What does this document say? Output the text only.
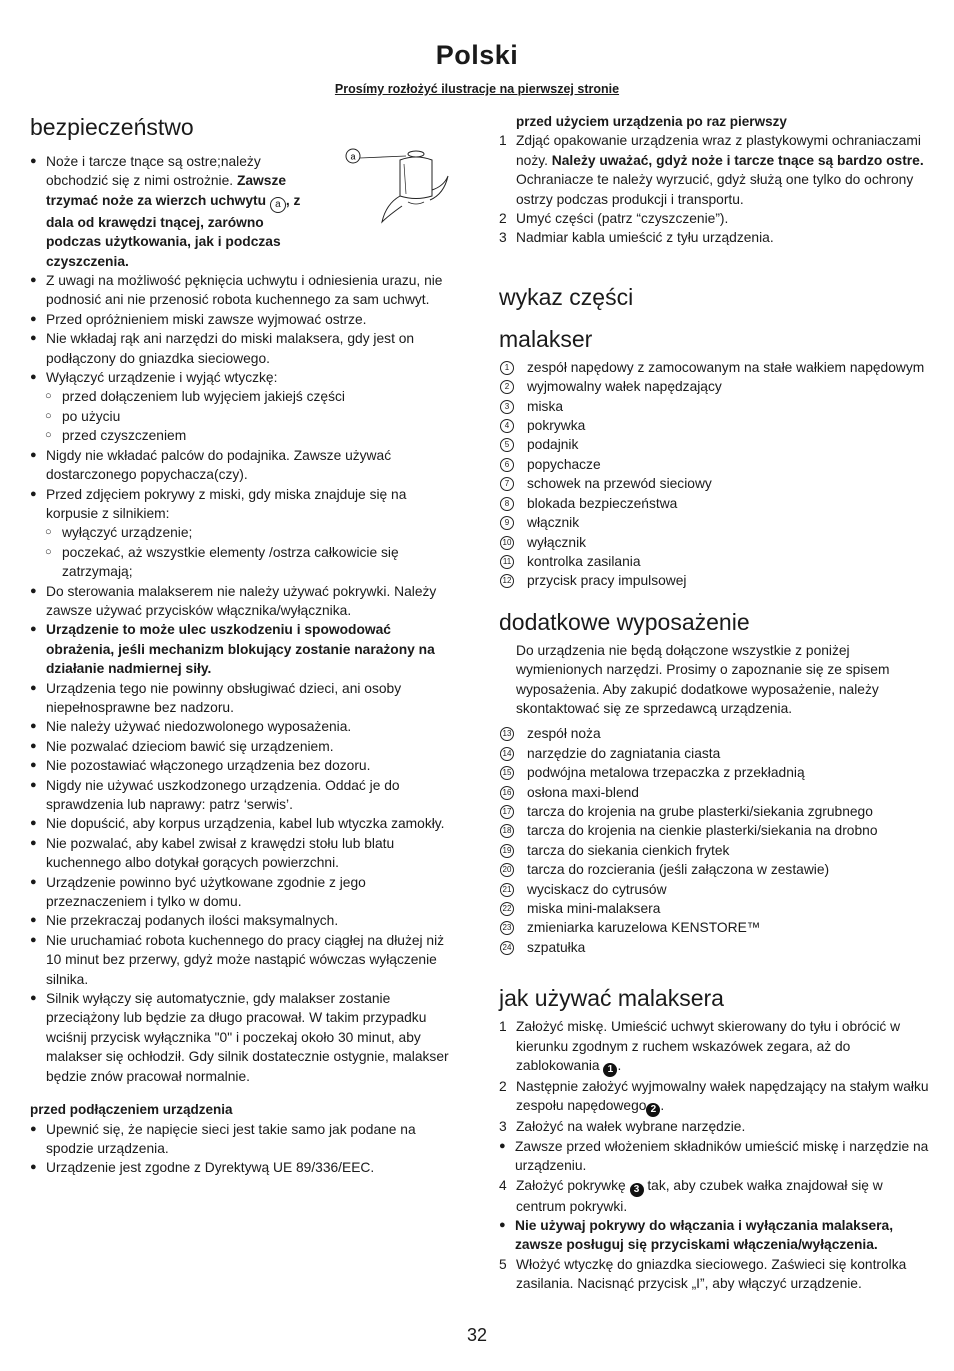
Polski

Prosímy rozłożyć ilustracje na pierwszej stronie

a
bezpieczeństwo
● Noże i tarcze tnące są ostre;należy obchodzić się z nimi ostrożnie. Zawsze trzymać noże za wierzch uchwytu a , z dala od krawędzi tnącej, zarówno podczas użytkowania, jak i podczas czyszczenia.
● Z uwagi na możliwość pęknięcia uchwytu i odniesienia urazu, nie podnosić ani nie przenosić robota kuchennego za sam uchwyt.
● Przed opróżnieniem miski zawsze wyjmować ostrze.
● Nie wkładaj rąk ani narzędzi do miski malaksera, gdy jest on podłączony do gniazdka sieciowego.
● Wyłączyć urządzenie i wyjąć wtyczkę:
○ przed dołączeniem lub wyjęciem jakiejś części
○ po użyciu
○ przed czyszczeniem
● Nigdy nie wkładać palców do podajnika. Zawsze używać dostarczonego popychacza(czy).
● Przed zdjęciem pokrywy z miski, gdy miska znajduje się na korpusie z silnikiem:
○ wyłączyć urządzenie;
○ poczekać, aż wszystkie elementy /ostrza całkowicie się zatrzymają;
● Do sterowania malakserem nie należy używać pokrywki. Należy zawsze używać przycisków włącznika/wyłącznika.
● Urządzenie to może ulec uszkodzeniu i spowodować obrażenia, jeśli mechanizm blokujący zostanie narażony na działanie nadmiernej siły.
● Urządzenia tego nie powinny obsługiwać dzieci, ani osoby niepełnosprawne bez nadzoru.
● Nie należy używać niedozwolonego wyposażenia.
● Nie pozwalać dzieciom bawić się urządzeniem.
● Nie pozostawiać włączonego urządzenia bez dozoru.
● Nigdy nie używać uszkodzonego urządzenia. Oddać je do sprawdzenia lub naprawy: patrz ‘serwis’.
● Nie dopuścić, aby korpus urządzenia, kabel lub wtyczka zamokły.
● Nie pozwalać, aby kabel zwisał z krawędzi stołu lub blatu kuchennego albo dotykał gorących powierzchni.
● Urządzenie powinno być użytkowane zgodnie z jego przeznaczeniem i tylko w domu.
● Nie przekraczaj podanych ilości maksymalnych.
● Nie uruchamiać robota kuchennego do pracy ciągłej na dłużej niż 10 minut bez przerwy, gdyż może nastąpić wówczas wyłączenie silnika.
● Silnik wyłączy się automatycznie, gdy malakser zostanie przeciążony lub będzie za długo pracował. W takim przypadku wciśnij przycisk wyłącznika "0" i poczekaj około 30 minut, aby malakser się ochłodził. Gdy silnik dostatecznie ostygnie, malakser będzie znów pracował normalnie.
przed podłączeniem urządzenia
● Upewnić się, że napięcie sieci jest takie samo jak podane na spodzie urządzenia.
● Urządzenie jest zgodne z Dyrektywą UE 89/336/EEC.
przed użyciem urządzenia po raz pierwszy
1 Zdjąć opakowanie urządzenia wraz z plastykowymi ochraniaczami noży. Należy uważać, gdyż noże i tarcze tnące są bardzo ostre. Ochraniacze te należy wyrzucić, gdyż służą one tylko do ochrony ostrzy podczas produkcji i transportu.
2 Umyć części (patrz “czyszczenie”).
3 Nadmiar kabla umieścić z tyłu urządzenia.
wykaz części
malakser
1	zespół napędowy z zamocowanym na stałe wałkiem napędowym
2	wyjmowalny wałek napędzający
3	miska
4	pokrywka
5	podajnik
6	popychacze
7	schowek na przewód sieciowy
8	blokada bezpieczeństwa
9	włącznik
10 wyłącznik
11 kontrolka zasilania
12 przycisk pracy impulsowej
dodatkowe wyposażenie

Do urządzenia nie będą dołączone wszystkie z poniżej wymienionych narzędzi. Prosimy o zapoznanie się ze spisem wyposażenia. Aby zakupić dodatkowe wyposażenie, należy skontaktować się ze sprzedawcą urządzenia.

13 zespół noża
14 narzędzie do zagniatania ciasta
15 podwójna metalowa trzepaczka z przekładnią
16 osłona maxi-blend
17 tarcza do krojenia na grube plasterki/siekania zgrubnego
18 tarcza do krojenia na cienkie plasterki/siekania na drobno
19 tarcza do siekania cienkich frytek
20 tarcza do rozcierania (jeśli załączona w zestawie)
21 wyciskacz do cytrusów
22 miska mini-malaksera
23 zmieniarka karuzelowa KENSTORE™
24 szpatułka
jak używać malaksera
1 Założyć miskę. Umieścić uchwyt skierowany do tyłu i obrócić w kierunku zgodnym z ruchem wskazówek zegara, aż do zablokowania 1 .
2 Następnie założyć wyjmowalny wałek napędzający na stałym wałku zespołu napędowego 2 .
3 Założyć na wałek wybrane narzędzie.
● Zawsze przed włożeniem składników umieścić miskę i narzędzie na urządzeniu.
4 Założyć pokrywkę 3 tak, aby czubek wałka znajdował się w centrum pokrywki.
● Nie używaj pokrywy do włączania i wyłączania malaksera, zawsze posługuj się przyciskami włączenia/wyłączenia.
5 Włożyć wtyczkę do gniazdka sieciowego. Zaświeci się kontrolka zasilania. Nacisnąć przycisk „I”, aby włączyć urządzenie.
32
